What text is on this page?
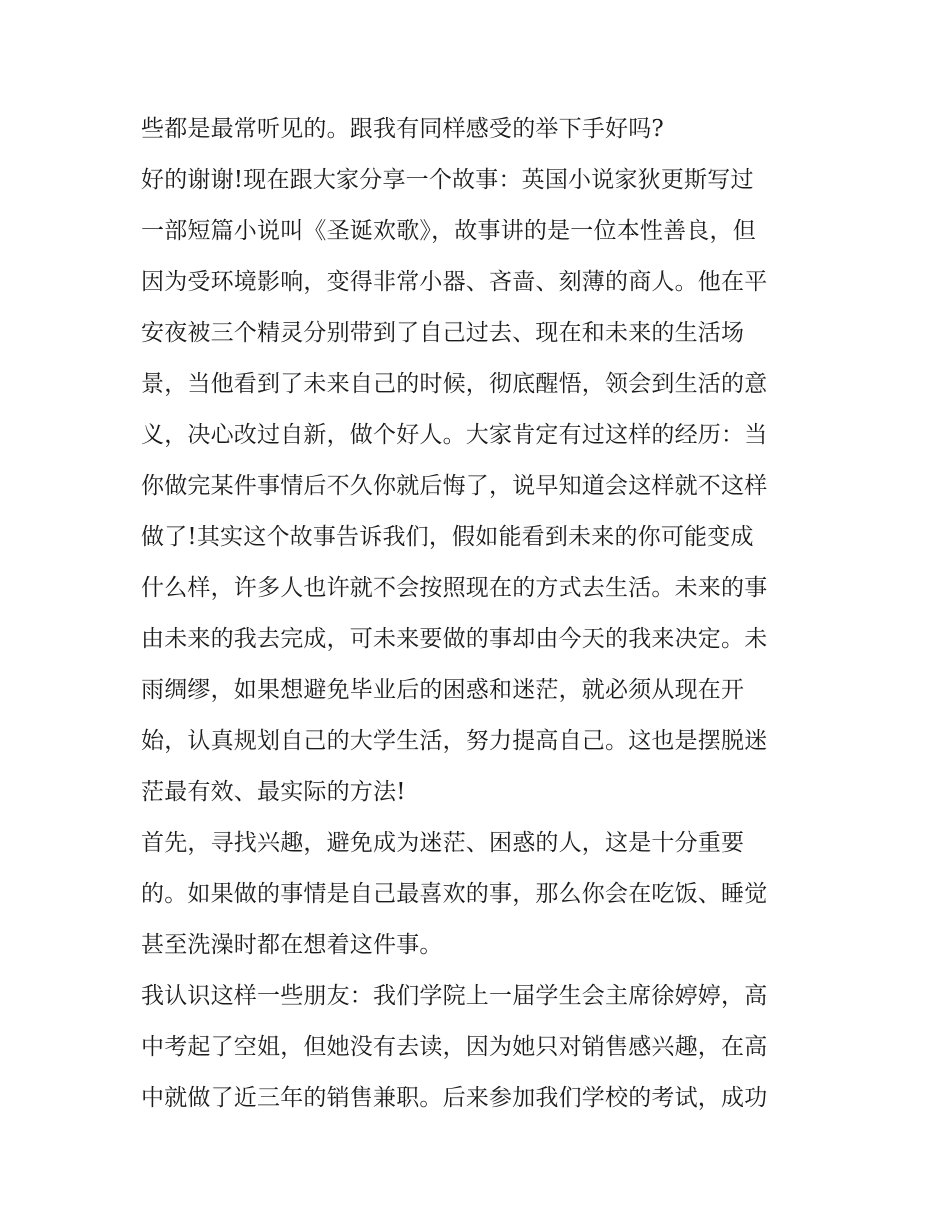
些都是最常听见的。跟我有同样感受的举下手好吗?
好的谢谢!现在跟大家分享一个故事：英国小说家狄更斯写过
一部短篇小说叫《圣诞欢歌》，故事讲的是一位本性善良，但
因为受环境影响，变得非常小器、吝啬、刻薄的商人。他在平
安夜被三个精灵分别带到了自己过去、现在和未来的生活场
景，当他看到了未来自己的时候，彻底醒悟，领会到生活的意
义，决心改过自新，做个好人。大家肯定有过这样的经历：当
你做完某件事情后不久你就后悔了，说早知道会这样就不这样
做了!其实这个故事告诉我们，假如能看到未来的你可能变成
什么样，许多人也许就不会按照现在的方式去生活。未来的事
由未来的我去完成，可未来要做的事却由今天的我来决定。未
雨绸缪，如果想避免毕业后的困惑和迷茫，就必须从现在开
始，认真规划自己的大学生活，努力提高自己。这也是摆脱迷
茫最有效、最实际的方法!
首先，寻找兴趣，避免成为迷茫、困惑的人，这是十分重要
的。如果做的事情是自己最喜欢的事，那么你会在吃饭、睡觉
甚至洗澡时都在想着这件事。
我认识这样一些朋友：我们学院上一届学生会主席徐婷婷，高
中考起了空姐，但她没有去读，因为她只对销售感兴趣，在高
中就做了近三年的销售兼职。后来参加我们学校的考试，成功
